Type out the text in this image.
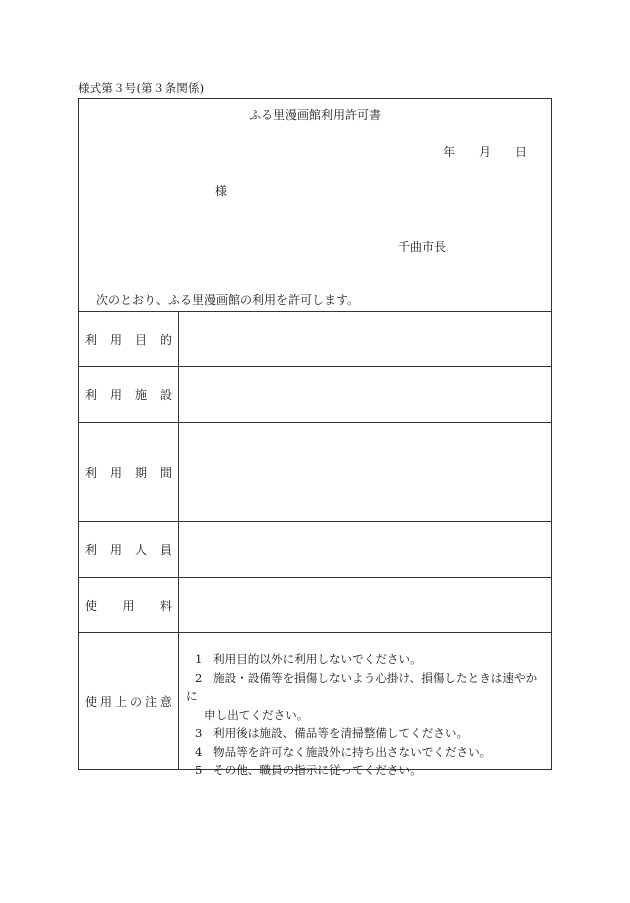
様式第３号(第３条関係)
ふる里漫画館利用許可書
年 月 日
様
千曲市長
次のとおり、ふる里漫画館の利用を許可します。
利 用 目 的
利 用 施 設
利 用 期 間
利 用 人 員
使 用 料
使 用 上 の 注 意
1 利用目的以外に利用しないでください。
2 施設・設備等を損傷しないよう心掛け、損傷したときは速やかに
申し出てください。
3 利用後は施設、備品等を清掃整備してください。
4 物品等を許可なく施設外に持ち出さないでください。
5 その他、職員の指示に従ってください。
